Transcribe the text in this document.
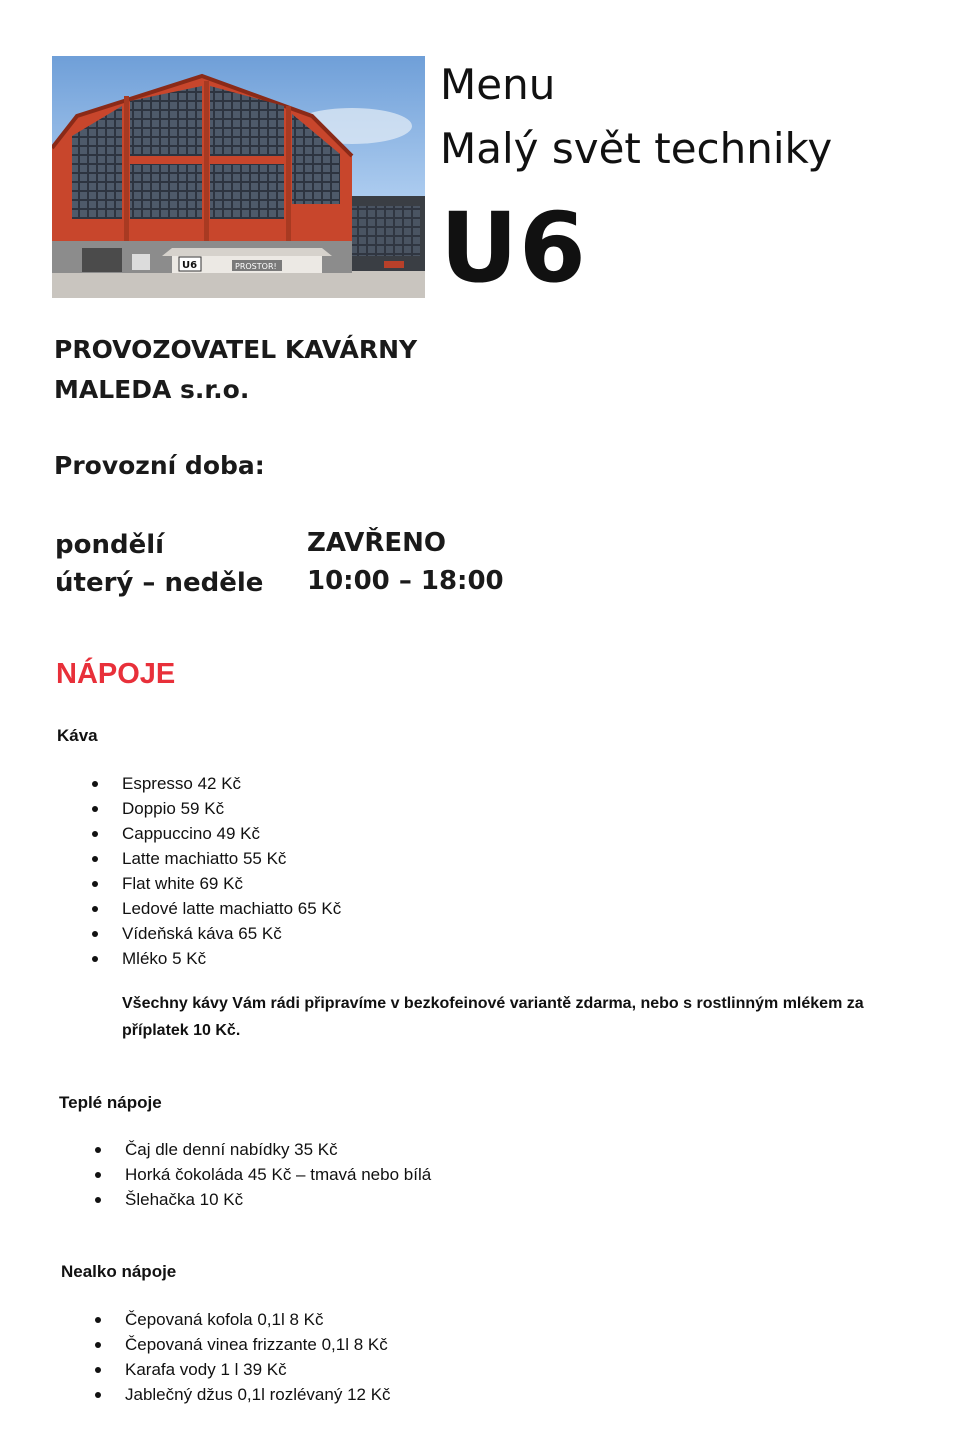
U6	PROSTOR!
Menu
Malý svět techniky
U6
PROVOZOVATEL KAVÁRNY
MALEDA s.r.o.
Provozní doba:
pondělí
úterý – neděle
ZAVŘENO
10:00 – 18:00
NÁPOJE
Káva
Espresso 42 Kč
Doppio 59 Kč
Cappuccino 49 Kč
Latte machiatto 55 Kč
Flat white 69 Kč
Ledové latte machiatto 65 Kč
Vídeňská káva 65 Kč
Mléko 5 Kč
Všechny kávy Vám rádi připravíme v bezkofeinové variantě zdarma, nebo s rostlinným mlékem za příplatek 10 Kč.
Teplé nápoje
Čaj dle denní nabídky 35 Kč
Horká čokoláda 45 Kč – tmavá nebo bílá
Šlehačka 10 Kč
Nealko nápoje
Čepovaná kofola 0,1l 8 Kč
Čepovaná vinea frizzante 0,1l 8 Kč
Karafa vody 1 l 39 Kč
Jablečný džus 0,1l rozlévaný 12 Kč
